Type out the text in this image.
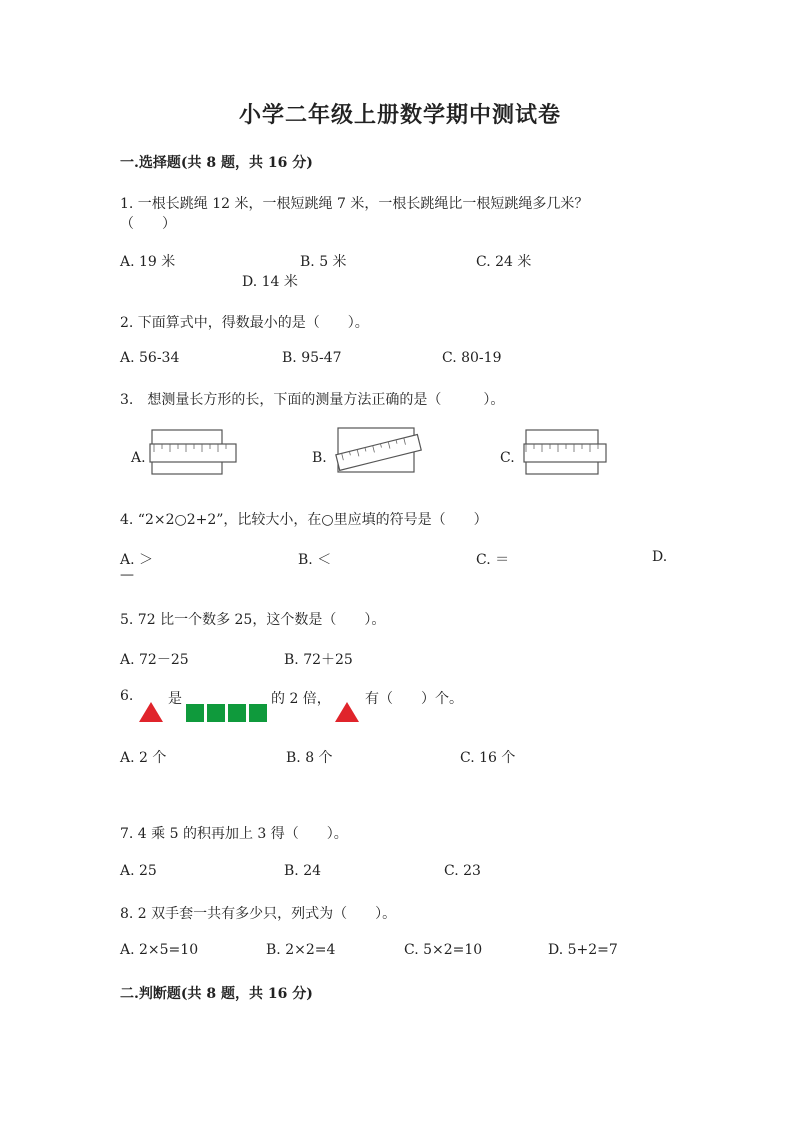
小学二年级上册数学期中测试卷
一.选择题(共 8 题，共 16 分)
1. 一根长跳绳 12 米，一根短跳绳 7 米，一根长跳绳比一根短跳绳多几米？
（　　）
A. 19 米	B. 5 米	C. 24 米
D. 14 米
2. 下面算式中，得数最小的是（　　）。
A. 56-34	B. 95-47	C. 80-19
3.　想测量长方形的长，下面的测量方法正确的是（　　　）。
A.	B.	C.
4. “2×2○2+2”，比较大小，在○里应填的符号是（　　）
A. ＞	B. ＜	C. ＝	D.
—
5. 72 比一个数多 25，这个数是（　　）。
A. 72－25	B. 72＋25
6. 是	的 2 倍， 有（　　）个。
A. 2 个	B. 8 个	C. 16 个
7. 4 乘 5 的积再加上 3 得（　　）。
A. 25	B. 24	C. 23
8. 2 双手套一共有多少只，列式为（　　）。
A. 2×5=10	B. 2×2=4	C. 5×2=10	D. 5+2=7
二.判断题(共 8 题，共 16 分)
